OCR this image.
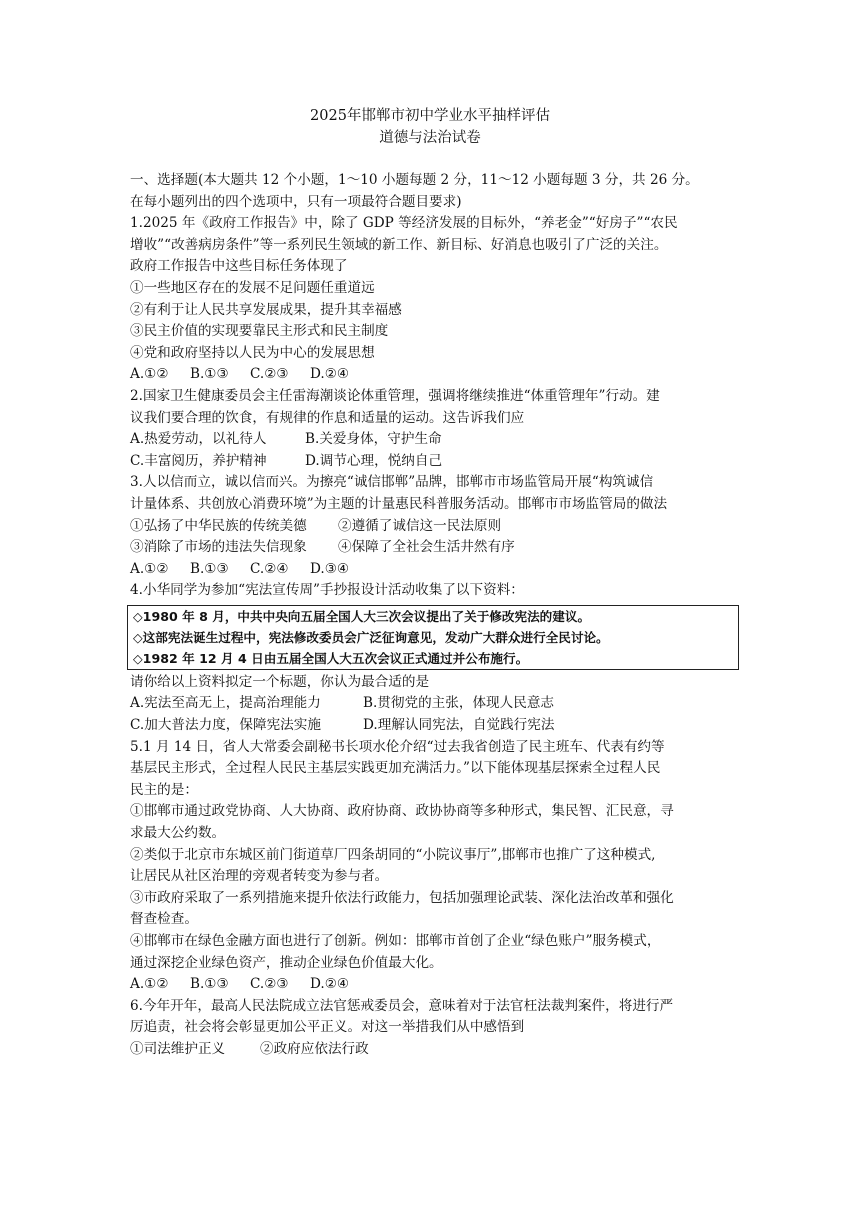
2025年邯郸市初中学业水平抽样评估
道德与法治试卷

一、选择题(本大题共 12 个小题，1～10 小题每题 2 分，11～12 小题每题 3 分，共 26 分。

在每小题列出的四个选项中，只有一项最符合题目要求)

1.2025 年《政府工作报告》中，除了 GDP 等经济发展的目标外，“养老金”“好房子”“农民

增收”“改善病房条件”等一系列民生领域的新工作、新目标、好消息也吸引了广泛的关注。

政府工作报告中这些目标任务体现了

①一些地区存在的发展不足问题任重道远

②有利于让人民共享发展成果，提升其幸福感

③民主价值的实现要靠民主形式和民主制度

④党和政府坚持以人民为中心的发展思想

A.①② B.①③ C.②③ D.②④

2.国家卫生健康委员会主任雷海潮谈论体重管理，强调将继续推进“体重管理年”行动。建

议我们要合理的饮食，有规律的作息和适量的运动。这告诉我们应

A.热爱劳动，以礼待人	B.关爱身体，守护生命

C.丰富阅历，养护精神	D.调节心理，悦纳自己

3.人以信而立，诚以信而兴。为擦亮“诚信邯郸”品牌，邯郸市市场监管局开展“构筑诚信

计量体系、共创放心消费环境”为主题的计量惠民科普服务活动。邯郸市市场监管局的做法

①弘扬了中华民族的传统美德 ②遵循了诚信这一民法原则

③消除了市场的违法失信现象 ④保障了全社会生活井然有序

A.①② B.①③ C.②④ D.③④

4.小华同学为参加“宪法宣传周”手抄报设计活动收集了以下资料：

◇1980 年 8 月，中共中央向五届全国人大三次会议提出了关于修改宪法的建议。

◇这部宪法诞生过程中，宪法修改委员会广泛征询意见，发动广大群众进行全民讨论。

◇1982 年 12 月 4 日由五届全国人大五次会议正式通过并公布施行。

请你给以上资料拟定一个标题，你认为最合适的是

A.宪法至高无上，提高治理能力	B.贯彻党的主张，体现人民意志

C.加大普法力度，保障宪法实施	D.理解认同宪法，自觉践行宪法

5.1 月 14 日，省人大常委会副秘书长项水伦介绍“过去我省创造了民主班车、代表有约等

基层民主形式，全过程人民民主基层实践更加充满活力。”以下能体现基层探索全过程人民

民主的是：

①邯郸市通过政党协商、人大协商、政府协商、政协协商等多种形式，集民智、汇民意，寻

求最大公约数。

②类似于北京市东城区前门街道草厂四条胡同的“小院议事厅”,邯郸市也推广了这种模式,

让居民从社区治理的旁观者转变为参与者。

③市政府采取了一系列措施来提升依法行政能力，包括加强理论武装、深化法治改革和强化

督查检查。

④邯郸市在绿色金融方面也进行了创新。例如：邯郸市首创了企业“绿色账户”服务模式，

通过深挖企业绿色资产，推动企业绿色价值最大化。

A.①② B.①③ C.②③ D.②④

6.今年开年，最高人民法院成立法官惩戒委员会，意味着对于法官枉法裁判案件，将进行严

厉追责，社会将会彰显更加公平正义。对这一举措我们从中感悟到

①司法维护正义	②政府应依法行政
